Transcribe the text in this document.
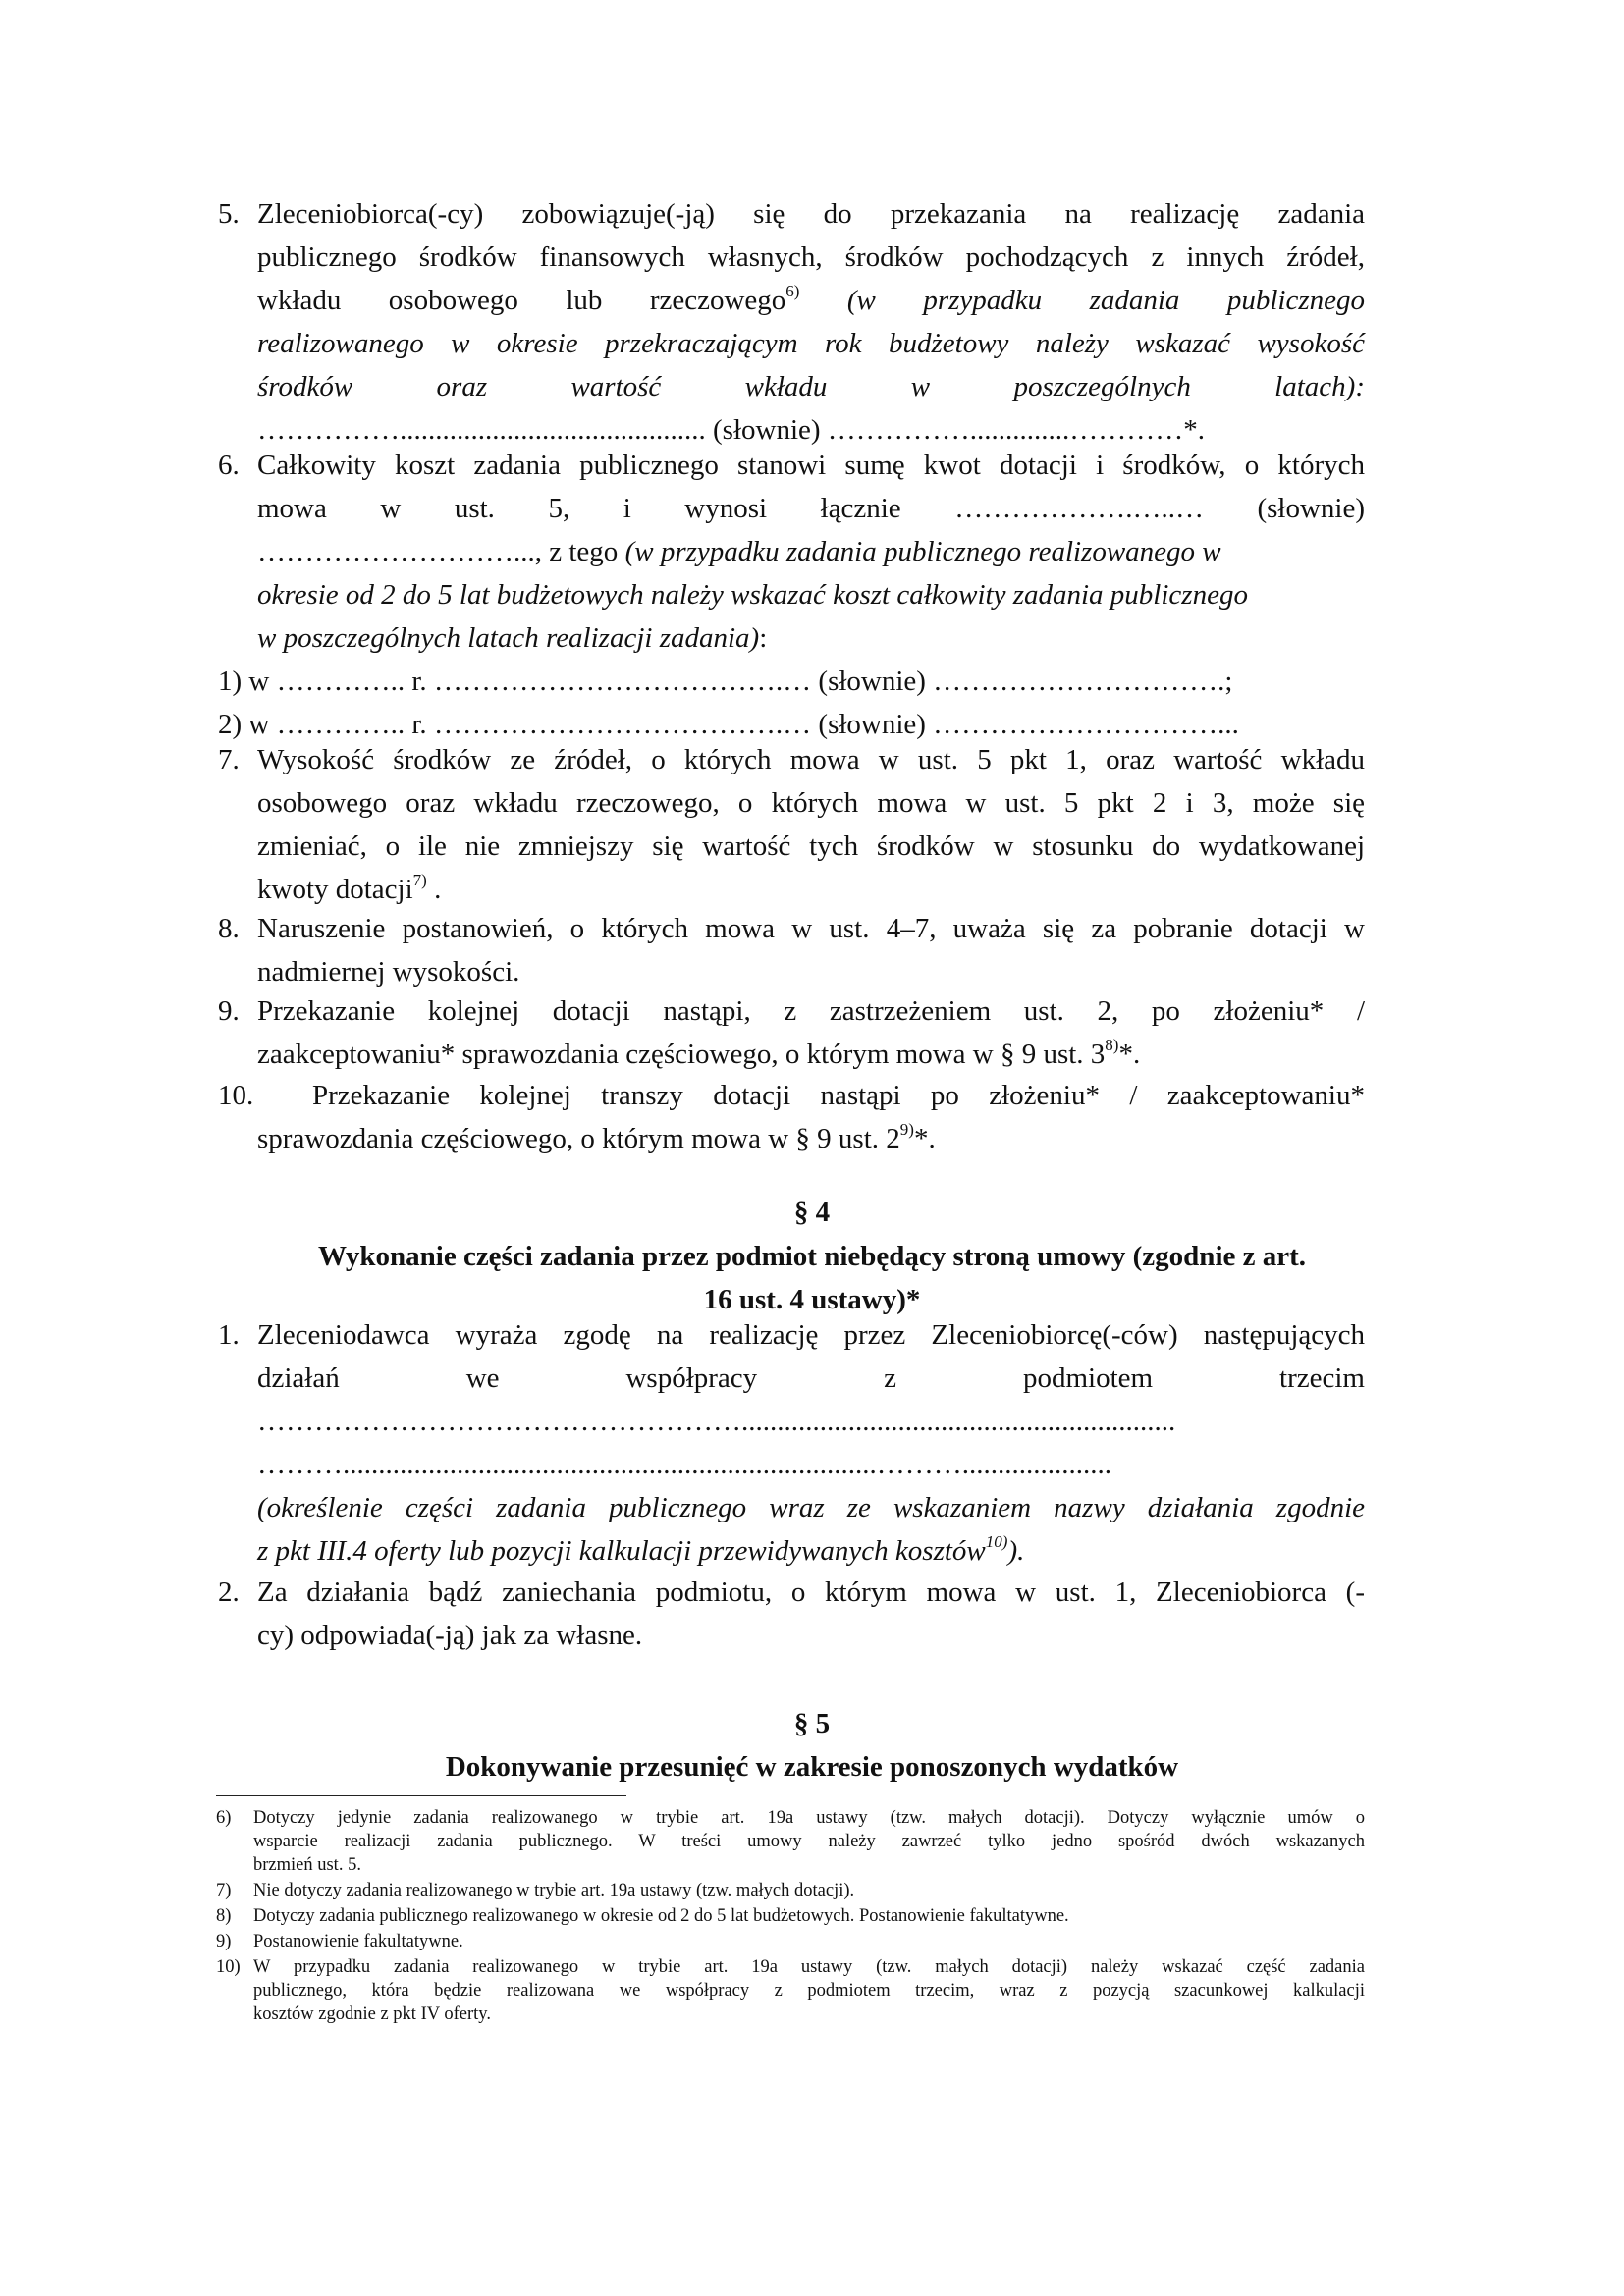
5. Zleceniobiorca(-cy) zobowiązuje(-ją) się do przekazania na realizację zadania
publicznego środków finansowych własnych, środków pochodzących z innych źródeł,
wkładu osobowego lub rzeczowego$^{6)}$ (w przypadku zadania publicznego
realizowanego w okresie przekraczającym rok budżetowy należy wskazać wysokość
środków oraz wartość wkładu w poszczególnych latach):
……………........................................... (słownie) ……………..............…………*.
6. Całkowity koszt zadania publicznego stanowi sumę kwot dotacji i środków, o których
mowa w ust. 5, i wynosi łącznie ……………….…..… (słownie)
………………………..., z tego (w przypadku zadania publicznego realizowanego w
okresie od 2 do 5 lat budżetowych należy wskazać koszt całkowity zadania publicznego
w poszczególnych latach realizacji zadania):
1) w ………….. r. ……………………………….… (słownie) ………………………….;
2) w ………….. r. ……………………………….… (słownie) …………………………...
7. Wysokość środków ze źródeł, o których mowa w ust. 5 pkt 1, oraz wartość wkładu
osobowego oraz wkładu rzeczowego, o których mowa w ust. 5 pkt 2 i 3, może się
zmieniać, o ile nie zmniejszy się wartość tych środków w stosunku do wydatkowanej
kwoty dotacji$^{7)}$ .
8. Naruszenie postanowień, o których mowa w ust. 4–7, uważa się za pobranie dotacji w
nadmiernej wysokości.
9. Przekazanie kolejnej dotacji nastąpi, z zastrzeżeniem ust. 2, po złożeniu* /
zaakceptowaniu* sprawozdania częściowego, o którym mowa w § 9 ust. 3$^{8)}$*.
10. Przekazanie kolejnej transzy dotacji nastąpi po złożeniu* / zaakceptowaniu*
sprawozdania częściowego, o którym mowa w § 9 ust. 2$^{9)}$*.
§ 4
Wykonanie części zadania przez podmiot niebędący stroną umowy (zgodnie z art.
16 ust. 4 ustawy)*
1. Zleceniodawca wyraża zgodę na realizację przez Zleceniobiorcę(-ców) następujących
działań we współpracy z podmiotem trzecim
…………………………………………….............................................................
………...........................................................................……….....................
(określenie części zadania publicznego wraz ze wskazaniem nazwy działania zgodnie
z pkt III.4 oferty lub pozycji kalkulacji przewidywanych kosztów$^{10)}$).
2. Za działania bądź zaniechania podmiotu, o którym mowa w ust. 1, Zleceniobiorca (-
cy) odpowiada(-ją) jak za własne.
§ 5
Dokonywanie przesunięć w zakresie ponoszonych wydatków
6) Dotyczy jedynie zadania realizowanego w trybie art. 19a ustawy (tzw. małych dotacji). Dotyczy wyłącznie umów o
wsparcie realizacji zadania publicznego. W treści umowy należy zawrzeć tylko jedno spośród dwóch wskazanych
brzmień ust. 5.
7) Nie dotyczy zadania realizowanego w trybie art. 19a ustawy (tzw. małych dotacji).
8) Dotyczy zadania publicznego realizowanego w okresie od 2 do 5 lat budżetowych. Postanowienie fakultatywne.
9) Postanowienie fakultatywne.
10) W przypadku zadania realizowanego w trybie art. 19a ustawy (tzw. małych dotacji) należy wskazać część zadania
publicznego, która będzie realizowana we współpracy z podmiotem trzecim, wraz z pozycją szacunkowej kalkulacji
kosztów zgodnie z pkt IV oferty.
